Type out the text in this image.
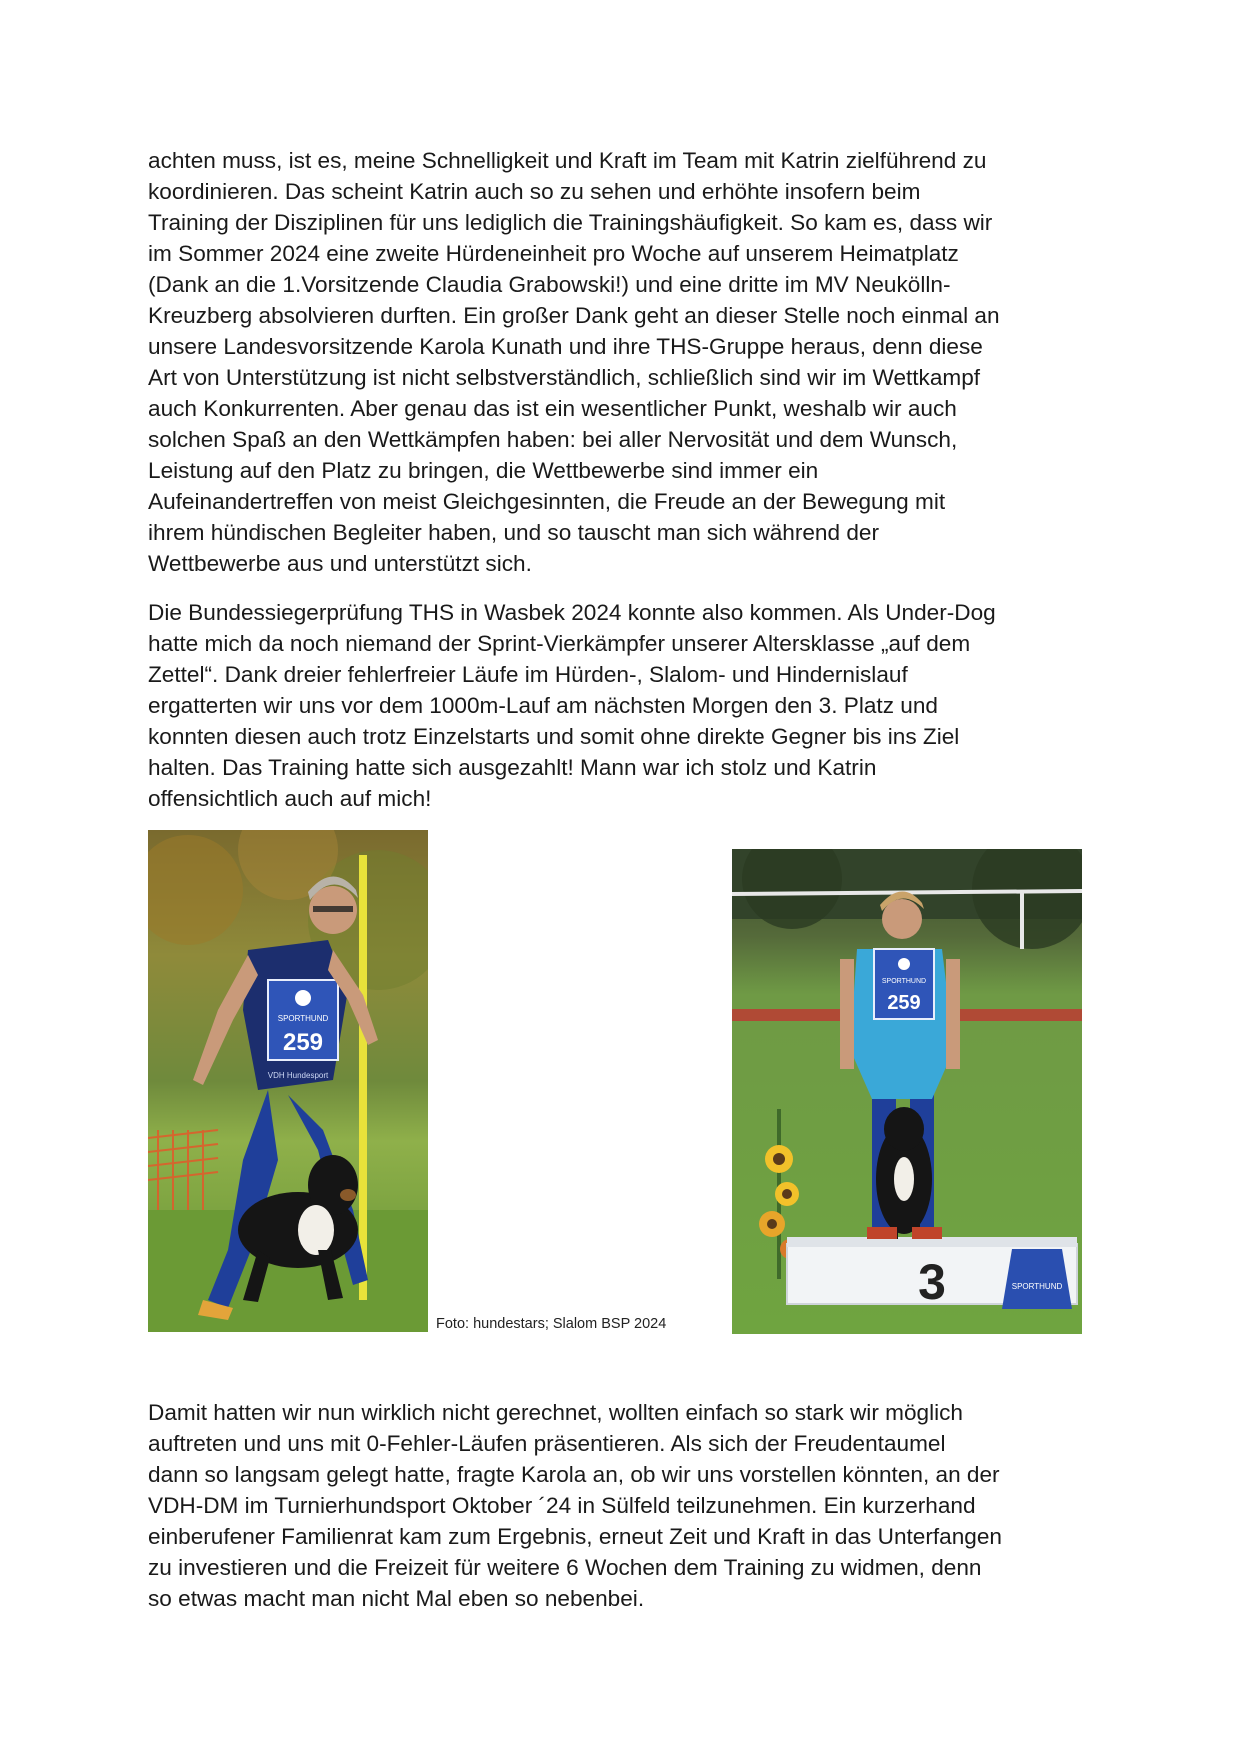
achten muss, ist es, meine Schnelligkeit und Kraft im Team mit Katrin zielführend zu
koordinieren. Das scheint Katrin auch so zu sehen und erhöhte insofern beim
Training der Disziplinen für uns lediglich die Trainingshäufigkeit. So kam es, dass wir
im Sommer 2024 eine zweite Hürdeneinheit pro Woche auf unserem Heimatplatz
(Dank an die 1.Vorsitzende Claudia Grabowski!) und eine dritte im MV Neukölln-
Kreuzberg absolvieren durften. Ein großer Dank geht an dieser Stelle noch einmal an
unsere Landesvorsitzende Karola Kunath und ihre THS-Gruppe heraus, denn diese
Art von Unterstützung ist nicht selbstverständlich, schließlich sind wir im Wettkampf
auch Konkurrenten. Aber genau das ist ein wesentlicher Punkt, weshalb wir auch
solchen Spaß an den Wettkämpfen haben: bei aller Nervosität und dem Wunsch,
Leistung auf den Platz zu bringen, die Wettbewerbe sind immer ein
Aufeinandertreffen von meist Gleichgesinnten, die Freude an der Bewegung mit
ihrem hündischen Begleiter haben, und so tauscht man sich während der
Wettbewerbe aus und unterstützt sich.

Die Bundessiegerprüfung THS in Wasbek 2024 konnte also kommen. Als Under-Dog
hatte mich da noch niemand der Sprint-Vierkämpfer unserer Altersklasse „auf dem
Zettel“. Dank dreier fehlerfreier Läufe im Hürden-, Slalom- und Hindernislauf
ergatterten wir uns vor dem 1000m-Lauf am nächsten Morgen den 3. Platz und
konnten diesen auch trotz Einzelstarts und somit ohne direkte Gegner bis ins Ziel
halten. Das Training hatte sich ausgezahlt! Mann war ich stolz und Katrin
offensichtlich auch auf mich!

SPORTHUND
259
VDH Hundesport
Foto: hundestars; Slalom BSP 2024
3	SPORTHUND
SPORTHUND
259

Damit hatten wir nun wirklich nicht gerechnet, wollten einfach so stark wir möglich
auftreten und uns mit 0-Fehler-Läufen präsentieren. Als sich der Freudentaumel
dann so langsam gelegt hatte, fragte Karola an, ob wir uns vorstellen könnten, an der
VDH-DM im Turnierhundsport Oktober ´24 in Sülfeld teilzunehmen. Ein kurzerhand
einberufener Familienrat kam zum Ergebnis, erneut Zeit und Kraft in das Unterfangen
zu investieren und die Freizeit für weitere 6 Wochen dem Training zu widmen, denn
so etwas macht man nicht Mal eben so nebenbei.
